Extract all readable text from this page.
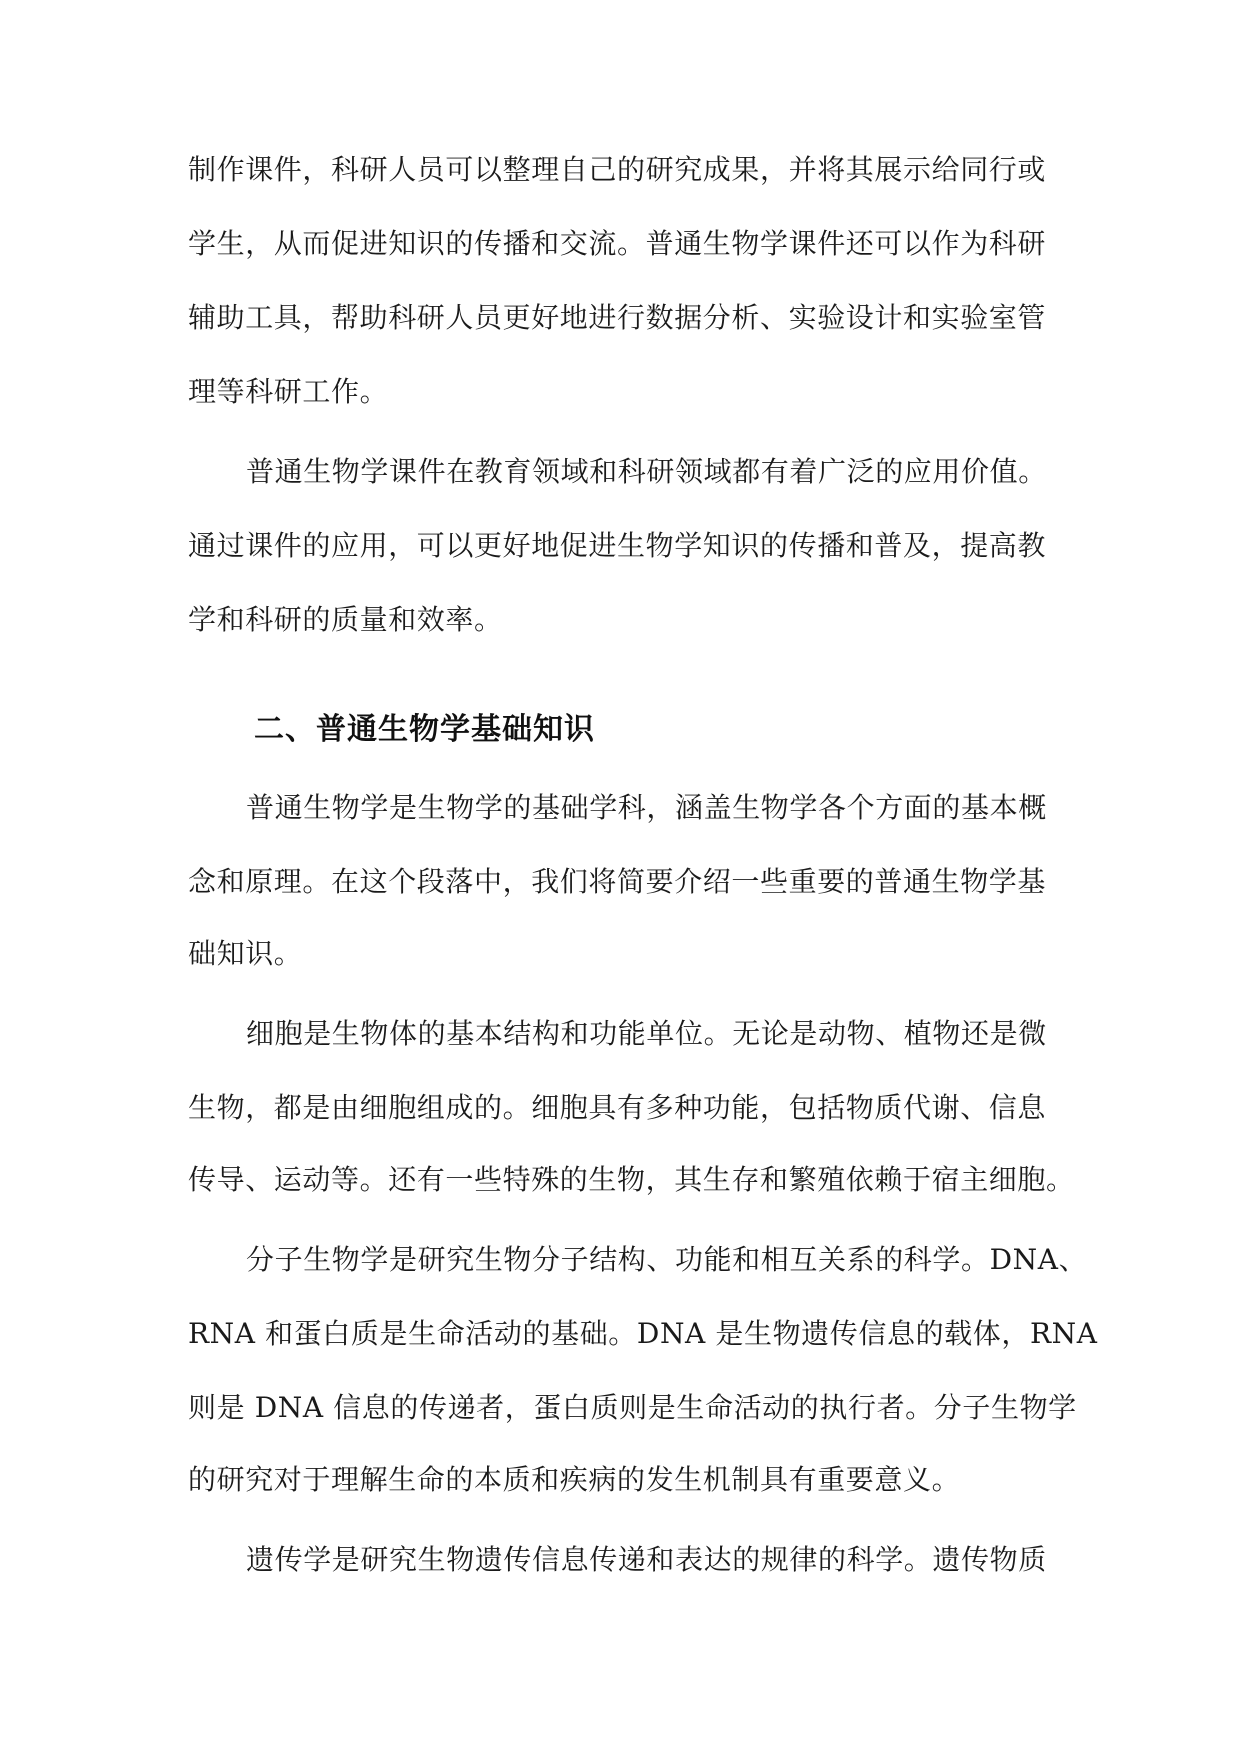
制作课件，科研人员可以整理自己的研究成果，并将其展示给同行或
学生，从而促进知识的传播和交流。普通生物学课件还可以作为科研
辅助工具，帮助科研人员更好地进行数据分析、实验设计和实验室管
理等科研工作。
普通生物学课件在教育领域和科研领域都有着广泛的应用价值。
通过课件的应用，可以更好地促进生物学知识的传播和普及，提高教
学和科研的质量和效率。
二、普通生物学基础知识
普通生物学是生物学的基础学科，涵盖生物学各个方面的基本概
念和原理。在这个段落中，我们将简要介绍一些重要的普通生物学基
础知识。
细胞是生物体的基本结构和功能单位。无论是动物、植物还是微
生物，都是由细胞组成的。细胞具有多种功能，包括物质代谢、信息
传导、运动等。还有一些特殊的生物，其生存和繁殖依赖于宿主细胞。
分子生物学是研究生物分子结构、功能和相互关系的科学。DNA、
RNA 和蛋白质是生命活动的基础。DNA 是生物遗传信息的载体，RNA
则是 DNA 信息的传递者，蛋白质则是生命活动的执行者。分子生物学
的研究对于理解生命的本质和疾病的发生机制具有重要意义。
遗传学是研究生物遗传信息传递和表达的规律的科学。遗传物质
